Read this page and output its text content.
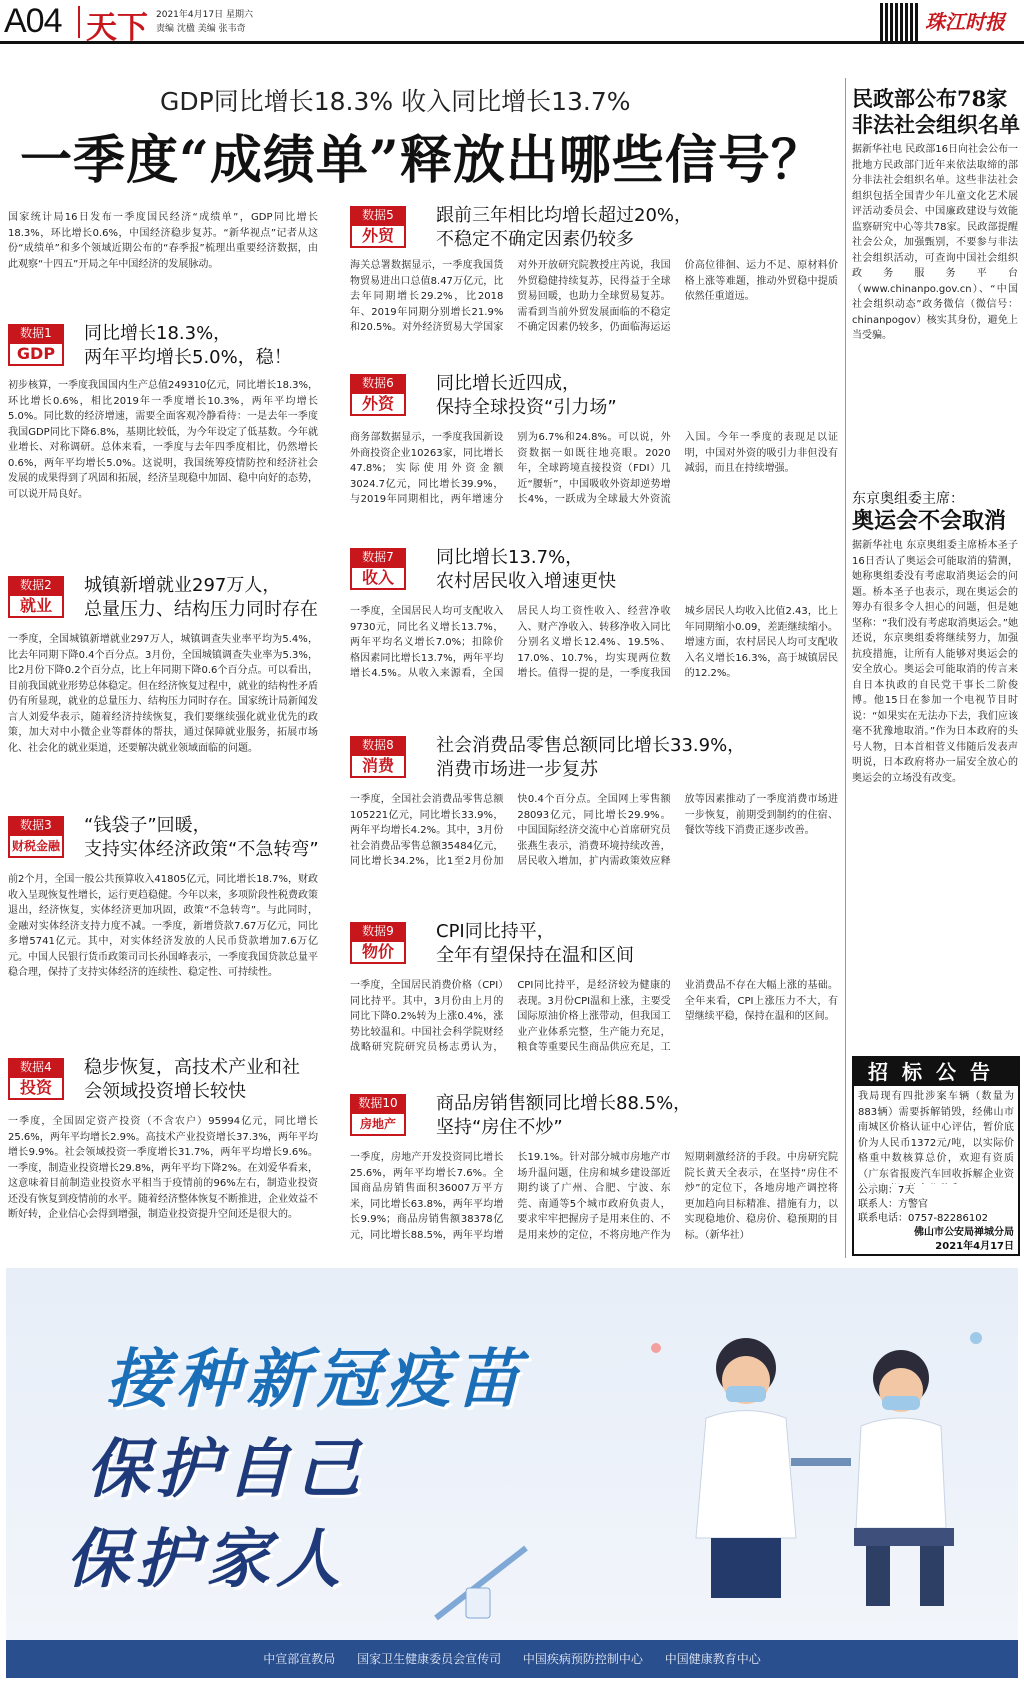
A04 天下 2021年4月17日 星期六
责编 沈楹 美编 张韦奇	珠江时报
GDP同比增长18.3% 收入同比增长13.7%
一季度“成绩单”释放出哪些信号？
国家统计局16日发布一季度国民经济“成绩单”，GDP同比增长18.3%，环比增长0.6%，中国经济稳步复苏。“新华视点”记者从这份“成绩单”和多个领域近期公布的“春季报”梳理出重要经济数据，由此观察“十四五”开局之年中国经济的发展脉动。
数据1
GDP
同比增长18.3%，
两年平均增长5.0%，稳！
初步核算，一季度我国国内生产总值249310亿元，同比增长18.3%，环比增长0.6%，相比2019年一季度增长10.3%，两年平均增长5.0%。同比数的经济增速，需要全面客观冷静看待：一是去年一季度我国GDP同比下降6.8%，基期比较低，为今年设定了低基数。今年就业增长、对称调研。总体来看，一季度与去年四季度相比，仍然增长0.6%，两年平均增长5.0%。这说明，我国统筹疫情防控和经济社会发展的成果得到了巩固和拓展，经济呈现稳中加固、稳中向好的态势，可以说开局良好。
数据2
就业
城镇新增就业297万人，
总量压力、结构压力同时存在
一季度，全国城镇新增就业297万人，城镇调查失业率平均为5.4%，比去年同期下降0.4个百分点。3月份，全国城镇调查失业率为5.3%，比2月份下降0.2个百分点，比上年同期下降0.6个百分点。可以看出，目前我国就业形势总体稳定。但在经济恢复过程中，就业的结构性矛盾仍有所显现，就业的总量压力、结构压力同时存在。国家统计局新闻发言人刘爱华表示，随着经济持续恢复，我们要继续强化就业优先的政策，加大对中小微企业等群体的帮扶，通过保障就业服务，拓展市场化、社会化的就业渠道，还要解决就业领域面临的问题。
数据3
财税金融
“钱袋子”回暖，
支持实体经济政策“不急转弯”
前2个月，全国一般公共预算收入41805亿元，同比增长18.7%，财政收入呈现恢复性增长，运行更趋稳健。今年以来，多项阶段性税费政策退出，经济恢复，实体经济更加巩固，政策“不急转弯”。与此同时，金融对实体经济支持力度不减。一季度，新增贷款7.67万亿元，同比多增5741亿元。其中，对实体经济发放的人民币贷款增加7.6万亿元。中国人民银行货币政策司司长孙国峰表示，一季度我国贷款总量平稳合理，保持了支持实体经济的连续性、稳定性、可持续性。
数据4
投资
稳步恢复，高技术产业和社
会领域投资增长较快
一季度，全国固定资产投资（不含农户）95994亿元，同比增长25.6%，两年平均增长2.9%。高技术产业投资增长37.3%，两年平均增长9.9%。社会领域投资一季度增长31.7%，两年平均增长9.6%。一季度，制造业投资增长29.8%，两年平均下降2%。在刘爱华看来，这意味着目前制造业投资水平相当于疫情前的96%左右，制造业投资还没有恢复到疫情前的水平。随着经济整体恢复不断推进，企业效益不断好转，企业信心会得到增强，制造业投资提升空间还是很大的。
数据5
外贸
跟前三年相比均增长超过20%，
不稳定不确定因素仍较多
海关总署数据显示，一季度我国货物贸易进出口总值8.47万亿元，比去年同期增长29.2%，比2018年、2019年同期分别增长21.9%和20.5%。对外经济贸易大学国家对外开放研究院教授庄芮说，我国外贸稳健持续复苏，民得益于全球贸易回暖，也助力全球贸易复苏。需看到当前外贸发展面临的不稳定不确定因素仍较多，仍面临海运运价高位徘徊、运力不足、原材料价格上涨等难题，推动外贸稳中提质依然任重道远。
数据6
外资
同比增长近四成，
保持全球投资“引力场”
商务部数据显示，一季度我国新设外商投资企业10263家，同比增长47.8%；实际使用外资金额3024.7亿元，同比增长39.9%，与2019年同期相比，两年增速分别为6.7%和24.8%。可以说，外资数据一如既往地亮眼。2020年，全球跨境直接投资（FDI）几近“腰斩”，中国吸收外资却逆势增长4%，一跃成为全球最大外资流入国。今年一季度的表现足以证明，中国对外资的吸引力非但没有减弱，而且在持续增强。
数据7
收入
同比增长13.7%，
农村居民收入增速更快
一季度，全国居民人均可支配收入9730元，同比名义增长13.7%，两年平均名义增长7.0%；扣除价格因素同比增长13.7%，两年平均增长4.5%。从收入来源看，全国居民人均工资性收入、经营净收入、财产净收入、转移净收入同比分别名义增长12.4%、19.5%、17.0%、10.7%，均实现两位数增长。值得一提的是，一季度我国城乡居民人均收入比值2.43，比上年同期缩小0.09，差距继续缩小。增速方面，农村居民人均可支配收入名义增长16.3%，高于城镇居民的12.2%。
数据8
消费
社会消费品零售总额同比增长33.9%，
消费市场进一步复苏
一季度，全国社会消费品零售总额105221亿元，同比增长33.9%，两年平均增长4.2%。其中，3月份社会消费品零售总额35484亿元，同比增长34.2%，比1至2月份加快0.4个百分点。全国网上零售额28093亿元，同比增长29.9%。中国国际经济交流中心首席研究员张燕生表示，消费环境持续改善，居民收入增加，扩内需政策效应释放等因素推动了一季度消费市场进一步恢复，前期受到制约的住宿、餐饮等线下消费正逐步改善。
数据9
物价
CPI同比持平，
全年有望保持在温和区间
一季度，全国居民消费价格（CPI）同比持平。其中，3月份由上月的同比下降0.2%转为上涨0.4%，涨势比较温和。中国社会科学院财经战略研究院研究员杨志勇认为，CPI同比持平，是经济较为健康的表现。3月份CPI温和上涨，主要受国际原油价格上涨带动，但我国工业产业体系完整，生产能力充足，粮食等重要民生商品供应充足，工业消费品不存在大幅上涨的基础。全年来看，CPI上涨压力不大，有望继续平稳，保持在温和的区间。
数据10
房地产
商品房销售额同比增长88.5%，
坚持“房住不炒”
一季度，房地产开发投资同比增长25.6%，两年平均增长7.6%。全国商品房销售面积36007万平方米，同比增长63.8%，两年平均增长9.9%；商品房销售额38378亿元，同比增长88.5%，两年平均增长19.1%。针对部分城市房地产市场升温问题，住房和城乡建设部近期约谈了广州、合肥、宁波、东莞、南通等5个城市政府负责人，要求牢牢把握房子是用来住的、不是用来炒的定位，不将房地产作为短期刺激经济的手段。中房研究院院长黄天全表示，在坚持“房住不炒”的定位下，各地房地产调控将更加趋向目标精准、措施有力，以实现稳地价、稳房价、稳预期的目标。（新华社）
民政部公布78家
非法社会组织名单
据新华社电 民政部16日向社会公布一批地方民政部门近年来依法取缔的部分非法社会组织名单。这些非法社会组织包括全国青少年儿童文化艺术展评活动委员会、中国廉政建设与效能监察研究中心等共78家。民政部提醒社会公众，加强甄别，不要参与非法社会组织活动，可查询中国社会组织政务服务平台（www.chinanpo.gov.cn）、“中国社会组织动态”政务微信（微信号：chinanpogov）核实其身份，避免上当受骗。
东京奥组委主席：
奥运会不会取消
据新华社电 东京奥组委主席桥本圣子16日否认了奥运会可能取消的猜测，她称奥组委没有考虑取消奥运会的问题。桥本圣子也表示，现在奥运会的筹办有很多令人担心的问题，但是她坚称：“我们没有考虑取消奥运会。”她还说，东京奥组委将继续努力，加强抗疫措施，让所有人能够对奥运会的安全放心。奥运会可能取消的传言来自日本执政的自民党干事长二阶俊博。他15日在参加一个电视节目时说：“如果实在无法办下去，我们应该毫不犹豫地取消。”作为日本政府的头号人物，日本首相菅义伟随后发表声明说，日本政府将办一届安全放心的奥运会的立场没有改变。
招标公告
我局现有四批涉案车辆（数量为883辆）需要拆解销毁，经佛山市南城区价格认证中心评估，暂价底价为人民币1372元/吨，以实际价格重中数核算总价，欢迎有资质（广东省报废汽车回收拆解企业资
公示期：7天
联系人：方警官
联系电话：0757-82286102
佛山市公安局禅城分局
2021年4月17日
接种新冠疫苗
保护自己
保护家人
中宣部宣教局 国家卫生健康委员会宣传司 中国疾病预防控制中心 中国健康教育中心
